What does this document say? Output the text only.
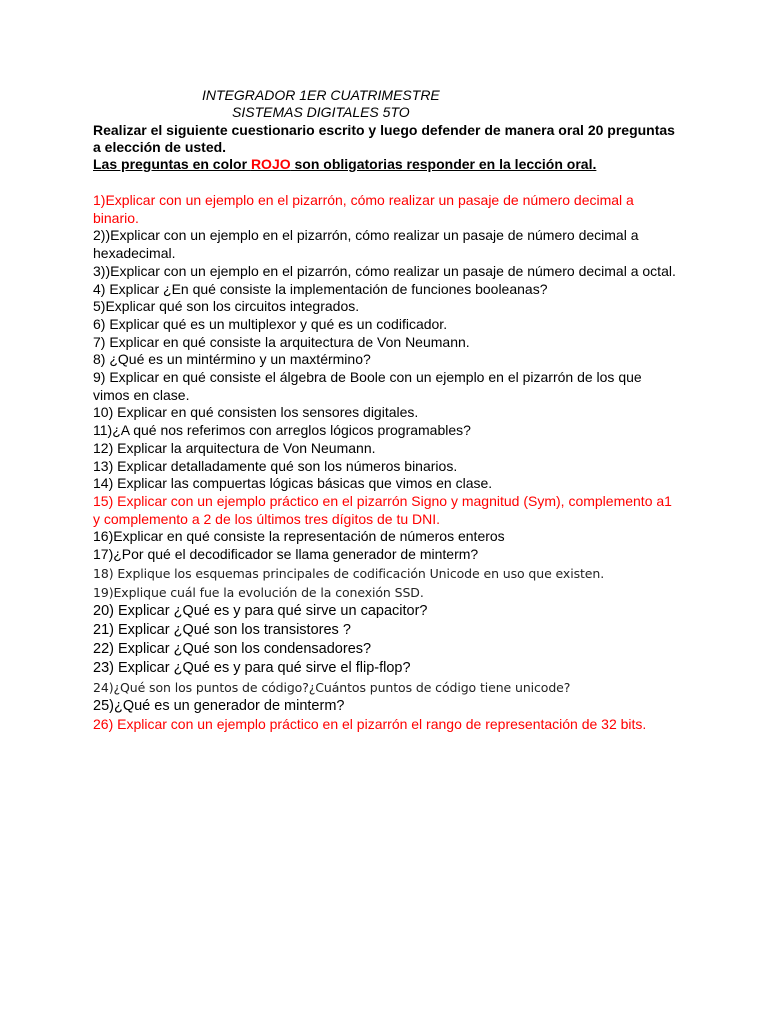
INTEGRADOR 1ER CUATRIMESTRE
SISTEMAS DIGITALES 5TO

Realizar el siguiente cuestionario escrito y luego defender de manera oral 20 preguntas a elección de usted.

Las preguntas en color ROJO son obligatorias responder en la lección oral.

1)Explicar con un ejemplo en el pizarrón, cómo realizar un pasaje de número decimal a binario.

2))Explicar con un ejemplo en el pizarrón, cómo realizar un pasaje de número decimal a hexadecimal.

3))Explicar con un ejemplo en el pizarrón, cómo realizar un pasaje de número decimal a octal.

4) Explicar ¿En qué consiste la implementación de funciones booleanas?

5)Explicar qué son los circuitos integrados.

6) Explicar qué es un multiplexor y qué es un codificador.

7) Explicar en qué consiste la arquitectura de Von Neumann.

8) ¿Qué es un mintérmino y un maxtérmino?

9) Explicar en qué consiste el álgebra de Boole con un ejemplo en el pizarrón de los que vimos en clase.

10) Explicar en qué consisten los sensores digitales.

11)¿A qué nos referimos con arreglos lógicos programables?

12) Explicar la arquitectura de Von Neumann.

13) Explicar detalladamente qué son los números binarios.

14) Explicar las compuertas lógicas básicas que vimos en clase.

15) Explicar con un ejemplo práctico en el pizarrón Signo y magnitud (Sym), complemento a1 y complemento a 2 de los últimos tres dígitos de tu DNI.

16)Explicar en qué consiste la representación de números enteros

17)¿Por qué el decodificador se llama generador de minterm?

18) Explique los esquemas principales de codificación Unicode en uso que existen.

19)Explique cuál fue la evolución de la conexión SSD.

20) Explicar ¿Qué es y para qué sirve un capacitor?

21) Explicar ¿Qué son los transistores ?

22) Explicar ¿Qué son los condensadores?

23) Explicar ¿Qué es y para qué sirve el flip-flop?

24)¿Qué son los puntos de código?¿Cuántos puntos de código tiene unicode?

25)¿Qué es un generador de minterm?

26) Explicar con un ejemplo práctico en el pizarrón el rango de representación de 32 bits.
